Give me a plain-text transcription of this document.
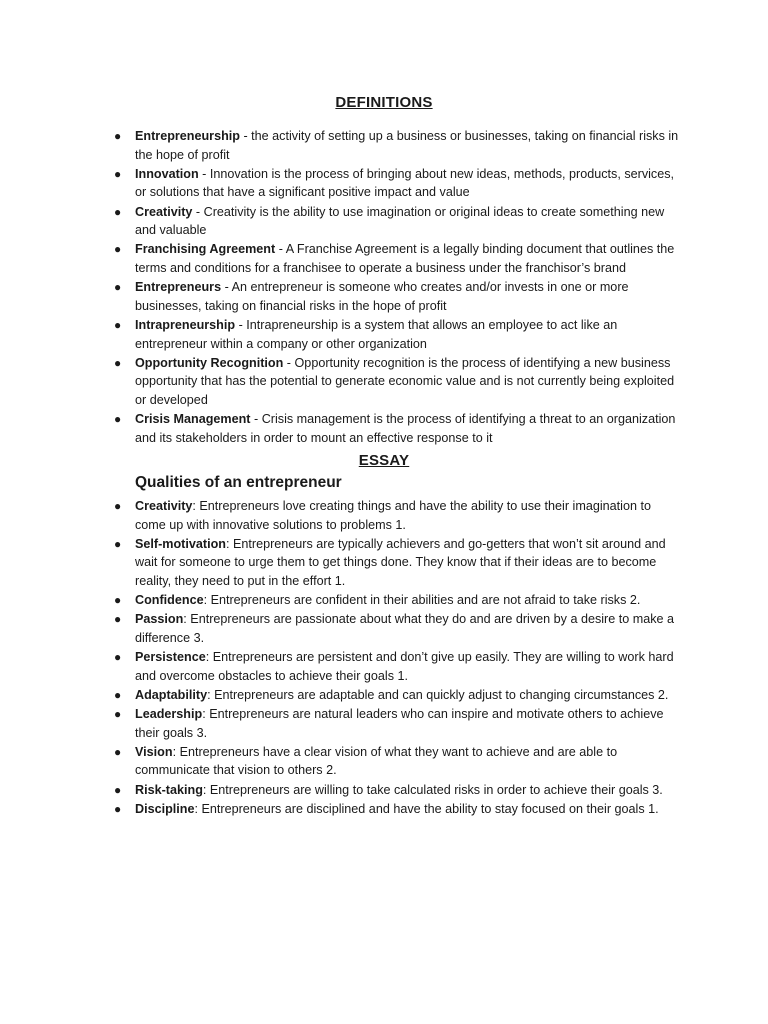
DEFINITIONS
● Entrepreneurship - the activity of setting up a business or businesses, taking on financial risks in the hope of profit
● Innovation - Innovation is the process of bringing about new ideas, methods, products, services, or solutions that have a significant positive impact and value
● Creativity - Creativity is the ability to use imagination or original ideas to create something new and valuable
● Franchising Agreement - A Franchise Agreement is a legally binding document that outlines the terms and conditions for a franchisee to operate a business under the franchisor’s brand
● Entrepreneurs - An entrepreneur is someone who creates and/or invests in one or more businesses, taking on financial risks in the hope of profit
● Intrapreneurship - Intrapreneurship is a system that allows an employee to act like an entrepreneur within a company or other organization
● Opportunity Recognition - Opportunity recognition is the process of identifying a new business opportunity that has the potential to generate economic value and is not currently being exploited or developed
● Crisis Management - Crisis management is the process of identifying a threat to an organization and its stakeholders in order to mount an effective response to it
ESSAY
Qualities of an entrepreneur
● Creativity: Entrepreneurs love creating things and have the ability to use their imagination to come up with innovative solutions to problems 1.
● Self-motivation: Entrepreneurs are typically achievers and go-getters that won’t sit around and wait for someone to urge them to get things done. They know that if their ideas are to become reality, they need to put in the effort 1.
● Confidence: Entrepreneurs are confident in their abilities and are not afraid to take risks 2.
● Passion: Entrepreneurs are passionate about what they do and are driven by a desire to make a difference 3.
● Persistence: Entrepreneurs are persistent and don’t give up easily. They are willing to work hard and overcome obstacles to achieve their goals 1.
● Adaptability: Entrepreneurs are adaptable and can quickly adjust to changing circumstances 2.
● Leadership: Entrepreneurs are natural leaders who can inspire and motivate others to achieve their goals 3.
● Vision: Entrepreneurs have a clear vision of what they want to achieve and are able to communicate that vision to others 2.
● Risk-taking: Entrepreneurs are willing to take calculated risks in order to achieve their goals 3.
● Discipline: Entrepreneurs are disciplined and have the ability to stay focused on their goals 1.
